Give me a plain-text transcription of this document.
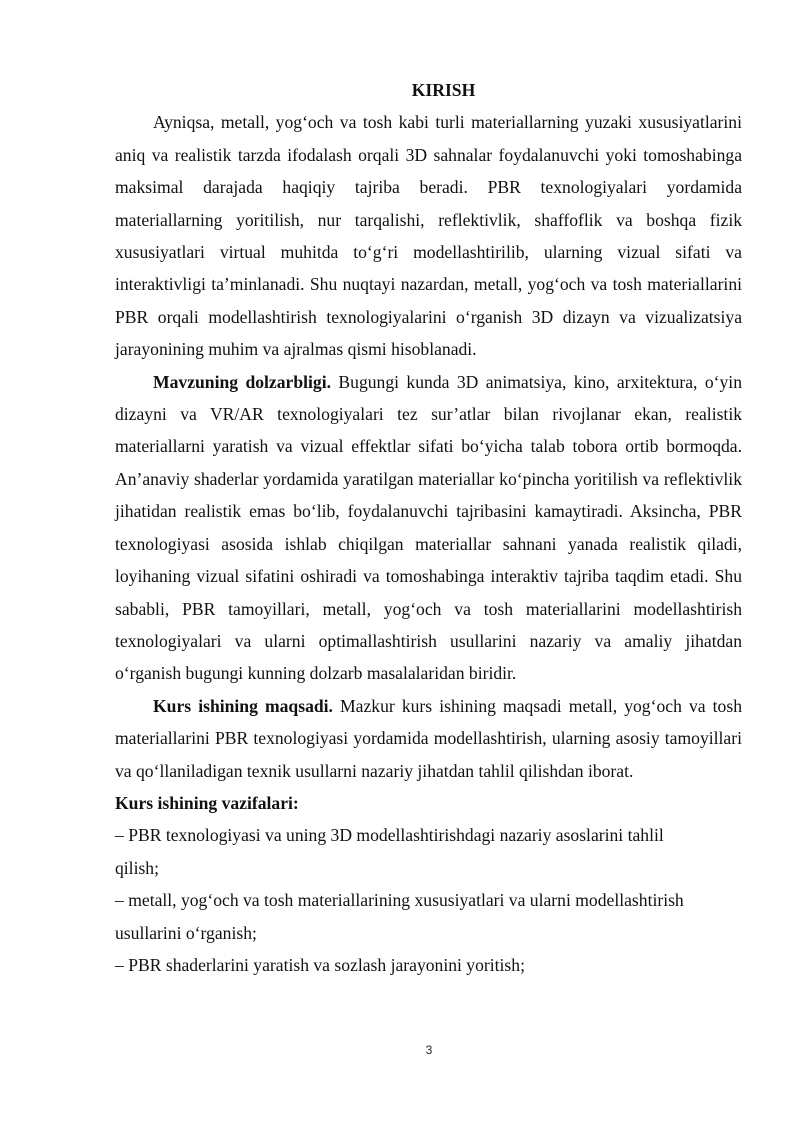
KIRISH

Ayniqsa, metall, yog‘och va tosh kabi turli materiallarning yuzaki xususiyatlarini aniq va realistik tarzda ifodalash orqali 3D sahnalar foydalanuvchi yoki tomoshabinga maksimal darajada haqiqiy tajriba beradi. PBR texnologiyalari yordamida materiallarning yoritilish, nur tarqalishi, reflektivlik, shaffoflik va boshqa fizik xususiyatlari virtual muhitda to‘g‘ri modellashtirilib, ularning vizual sifati va interaktivligi ta’minlanadi. Shu nuqtayi nazardan, metall, yog‘och va tosh materiallarini PBR orqali modellashtirish texnologiyalarini o‘rganish 3D dizayn va vizualizatsiya jarayonining muhim va ajralmas qismi hisoblanadi.

Mavzuning dolzarbligi. Bugungi kunda 3D animatsiya, kino, arxitektura, o‘yin dizayni va VR/AR texnologiyalari tez sur’atlar bilan rivojlanar ekan, realistik materiallarni yaratish va vizual effektlar sifati bo‘yicha talab tobora ortib bormoqda. An’anaviy shaderlar yordamida yaratilgan materiallar ko‘pincha yoritilish va reflektivlik jihatidan realistik emas bo‘lib, foydalanuvchi tajribasini kamaytiradi. Aksincha, PBR texnologiyasi asosida ishlab chiqilgan materiallar sahnani yanada realistik qiladi, loyihaning vizual sifatini oshiradi va tomoshabinga interaktiv tajriba taqdim etadi. Shu sababli, PBR tamoyillari, metall, yog‘och va tosh materiallarini modellashtirish texnologiyalari va ularni optimallashtirish usullarini nazariy va amaliy jihatdan o‘rganish bugungi kunning dolzarb masalalaridan biridir.

Kurs ishining maqsadi. Mazkur kurs ishining maqsadi metall, yog‘och va tosh materiallarini PBR texnologiyasi yordamida modellashtirish, ularning asosiy tamoyillari va qo‘llaniladigan texnik usullarni nazariy jihatdan tahlil qilishdan iborat.

Kurs ishining vazifalari:

– PBR texnologiyasi va uning 3D modellashtirishdagi nazariy asoslarini tahlil qilish;

– metall, yog‘och va tosh materiallarining xususiyatlari va ularni modellashtirish usullarini o‘rganish;

– PBR shaderlarini yaratish va sozlash jarayonini yoritish;

3
